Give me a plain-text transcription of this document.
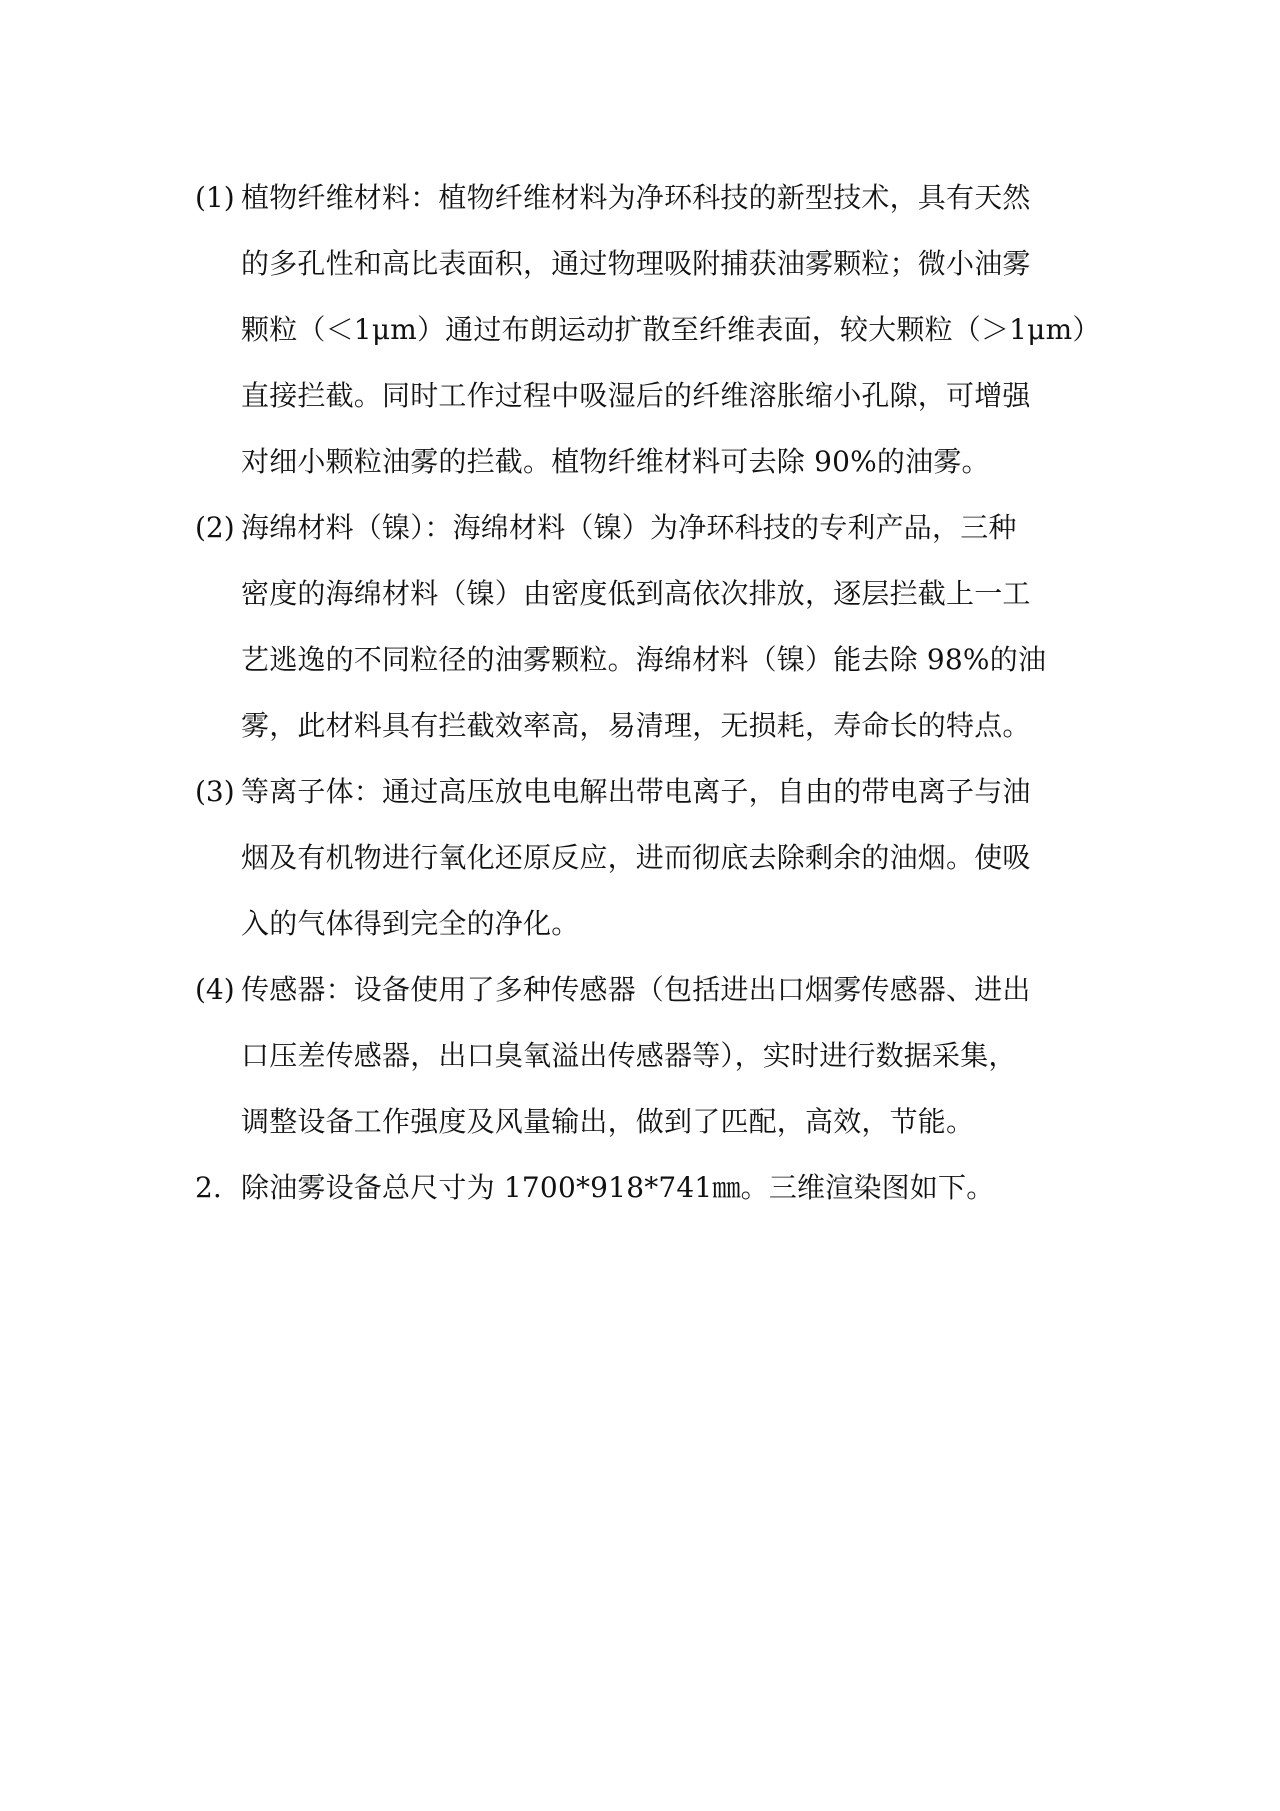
(1) 植物纤维材料：植物纤维材料为净环科技的新型技术，具有天然
的多孔性和高比表面积，通过物理吸附捕获油雾颗粒；微小油雾
颗粒（＜1μm）通过布朗运动扩散至纤维表面，较大颗粒（＞1μm）
直接拦截。同时工作过程中吸湿后的纤维溶胀缩小孔隙，可增强
对细小颗粒油雾的拦截。植物纤维材料可去除 90%的油雾。
(2) 海绵材料（镍）：海绵材料（镍）为净环科技的专利产品，三种
密度的海绵材料（镍）由密度低到高依次排放，逐层拦截上一工
艺逃逸的不同粒径的油雾颗粒。海绵材料（镍）能去除 98%的油
雾，此材料具有拦截效率高，易清理，无损耗，寿命长的特点。
(3) 等离子体：通过高压放电电解出带电离子，自由的带电离子与油
烟及有机物进行氧化还原反应，进而彻底去除剩余的油烟。使吸
入的气体得到完全的净化。
(4) 传感器：设备使用了多种传感器（包括进出口烟雾传感器、进出
口压差传感器，出口臭氧溢出传感器等），实时进行数据采集，
调整设备工作强度及风量输出，做到了匹配，高效，节能。
2. 除油雾设备总尺寸为 1700*918*741㎜。三维渲染图如下。
